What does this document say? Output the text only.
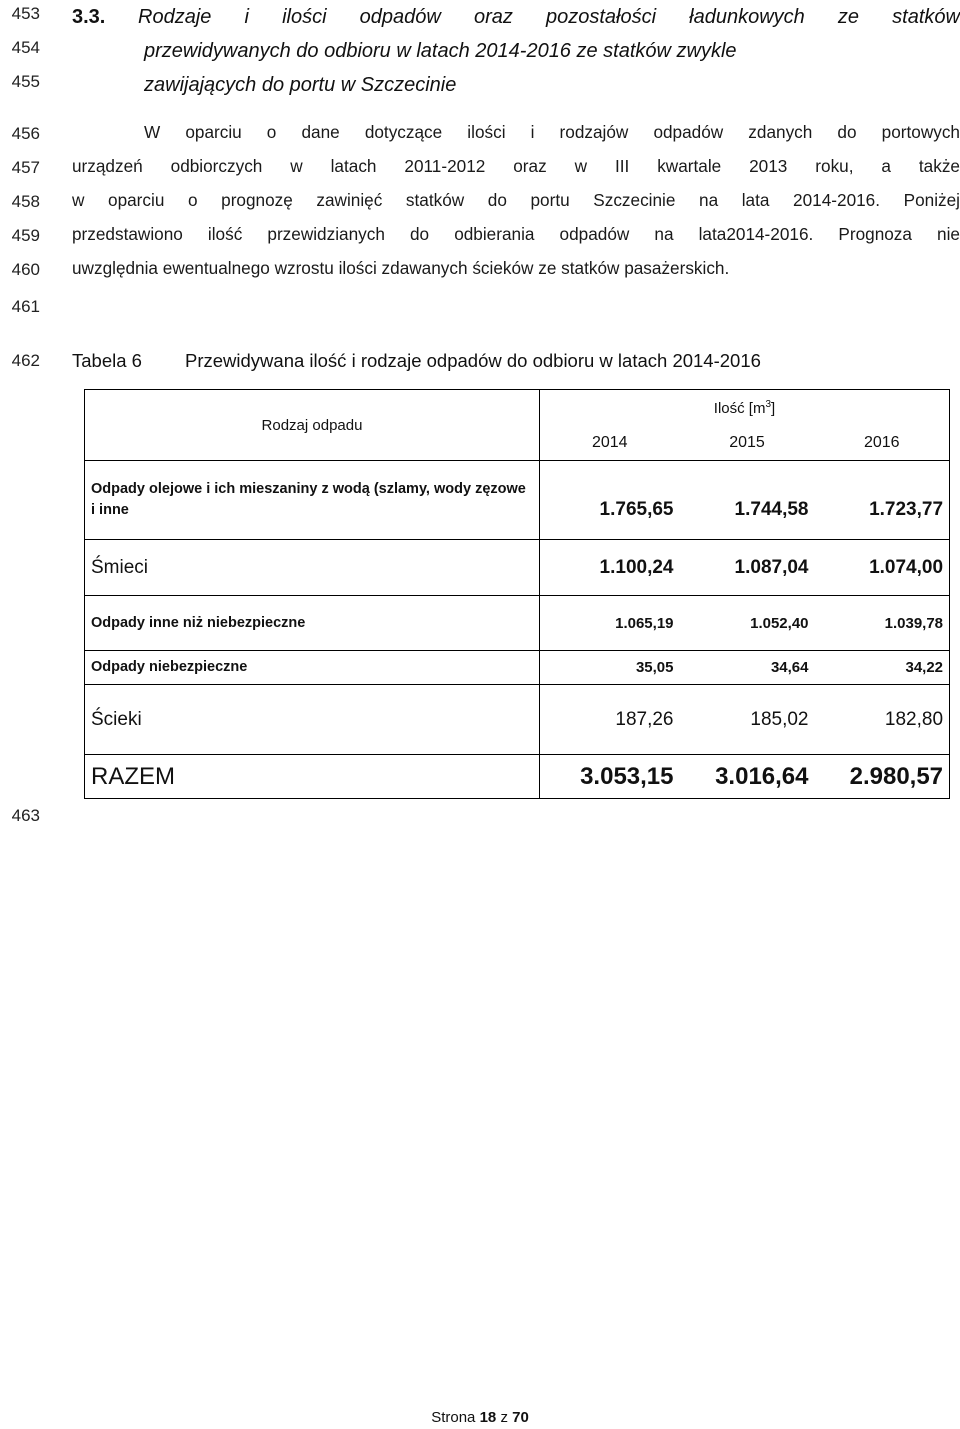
453
454
455
456
457
458
459
460
461
462
463
3.3. Rodzaje i ilości odpadów oraz pozostałości ładunkowych ze statków
przewidywanych do odbioru w latach 2014-2016 ze statków zwykle
zawijających do portu w Szczecinie
W oparciu o dane dotyczące ilości i rodzajów odpadów zdanych do portowych
urządzeń odbiorczych w latach 2011-2012 oraz w III kwartale 2013 roku, a także
w oparciu o prognozę zawinięć statków do portu Szczecinie na lata 2014-2016. Poniżej
przedstawiono ilość przewidzianych do odbierania odpadów na lata2014-2016. Prognoza nie
uwzględnia ewentualnego wzrostu ilości zdawanych ścieków ze statków pasażerskich.
Tabela 6 Przewidywana ilość i rodzaje odpadów do odbioru w latach 2014-2016
Rodzaj odpadu	Ilość $[m^3]$		
	2014	2015	2016
Odpady olejowe i ich mieszaniny z wodą (szlamy, wody zęzowe i inne	1.765,65	1.744,58	1.723,77
Śmieci	1.100,24	1.087,04	1.074,00
Odpady inne niż niebezpieczne	1.065,19	1.052,40	1.039,78
Odpady niebezpieczne	35,05	34,64	34,22
Ścieki	187,26	185,02	182,80
RAZEM	3.053,15	3.016,64	2.980,57
Strona 18 z 70
